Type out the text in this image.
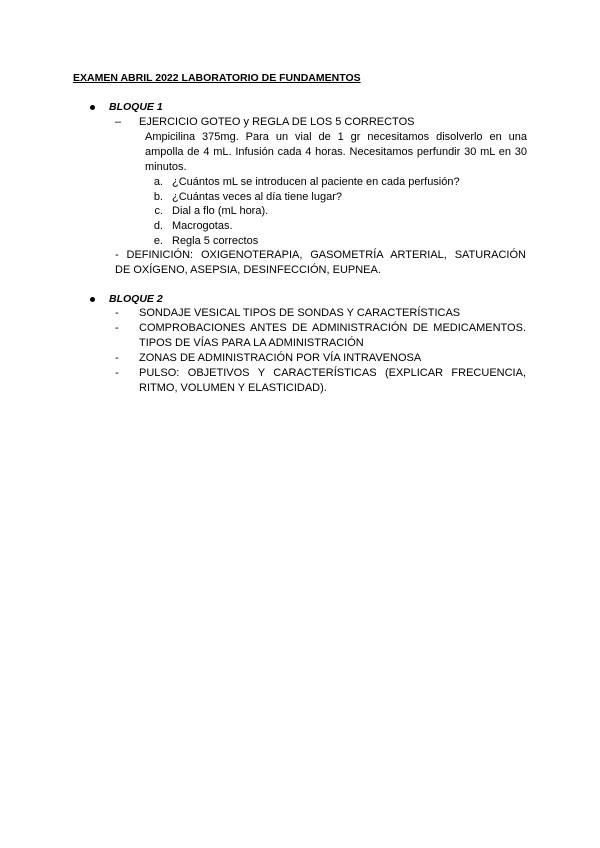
EXAMEN ABRIL 2022 LABORATORIO DE FUNDAMENTOS
BLOQUE 1
–	EJERCICIO GOTEO y REGLA DE LOS 5 CORRECTOS
Ampicilina 375mg. Para un vial de 1 gr necesitamos disolverlo en una
ampolla de 4 mL. Infusión cada 4 horas. Necesitamos perfundir 30 mL en 30
minutos.
a. ¿Cuántos mL se introducen al paciente en cada perfusión?
b. ¿Cuántas veces al día tiene lugar?
c. Dial a flo (mL hora).
d. Macrogotas.
e. Regla 5 correctos
- DEFINICIÓN: OXIGENOTERAPIA, GASOMETRÍA ARTERIAL, SATURACIÓN
DE OXÍGENO, ASEPSIA, DESINFECCIÓN, EUPNEA.
BLOQUE 2
-	SONDAJE VESICAL TIPOS DE SONDAS Y CARACTERÍSTICAS
-	COMPROBACIONES ANTES DE ADMINISTRACIÓN DE MEDICAMENTOS.
TIPOS DE VÍAS PARA LA ADMINISTRACIÓN
-	ZONAS DE ADMINISTRACIÓN POR VÍA INTRAVENOSA
-	PULSO: OBJETIVOS Y CARACTERÍSTICAS (EXPLICAR FRECUENCIA,
RITMO, VOLUMEN Y ELASTICIDAD).
